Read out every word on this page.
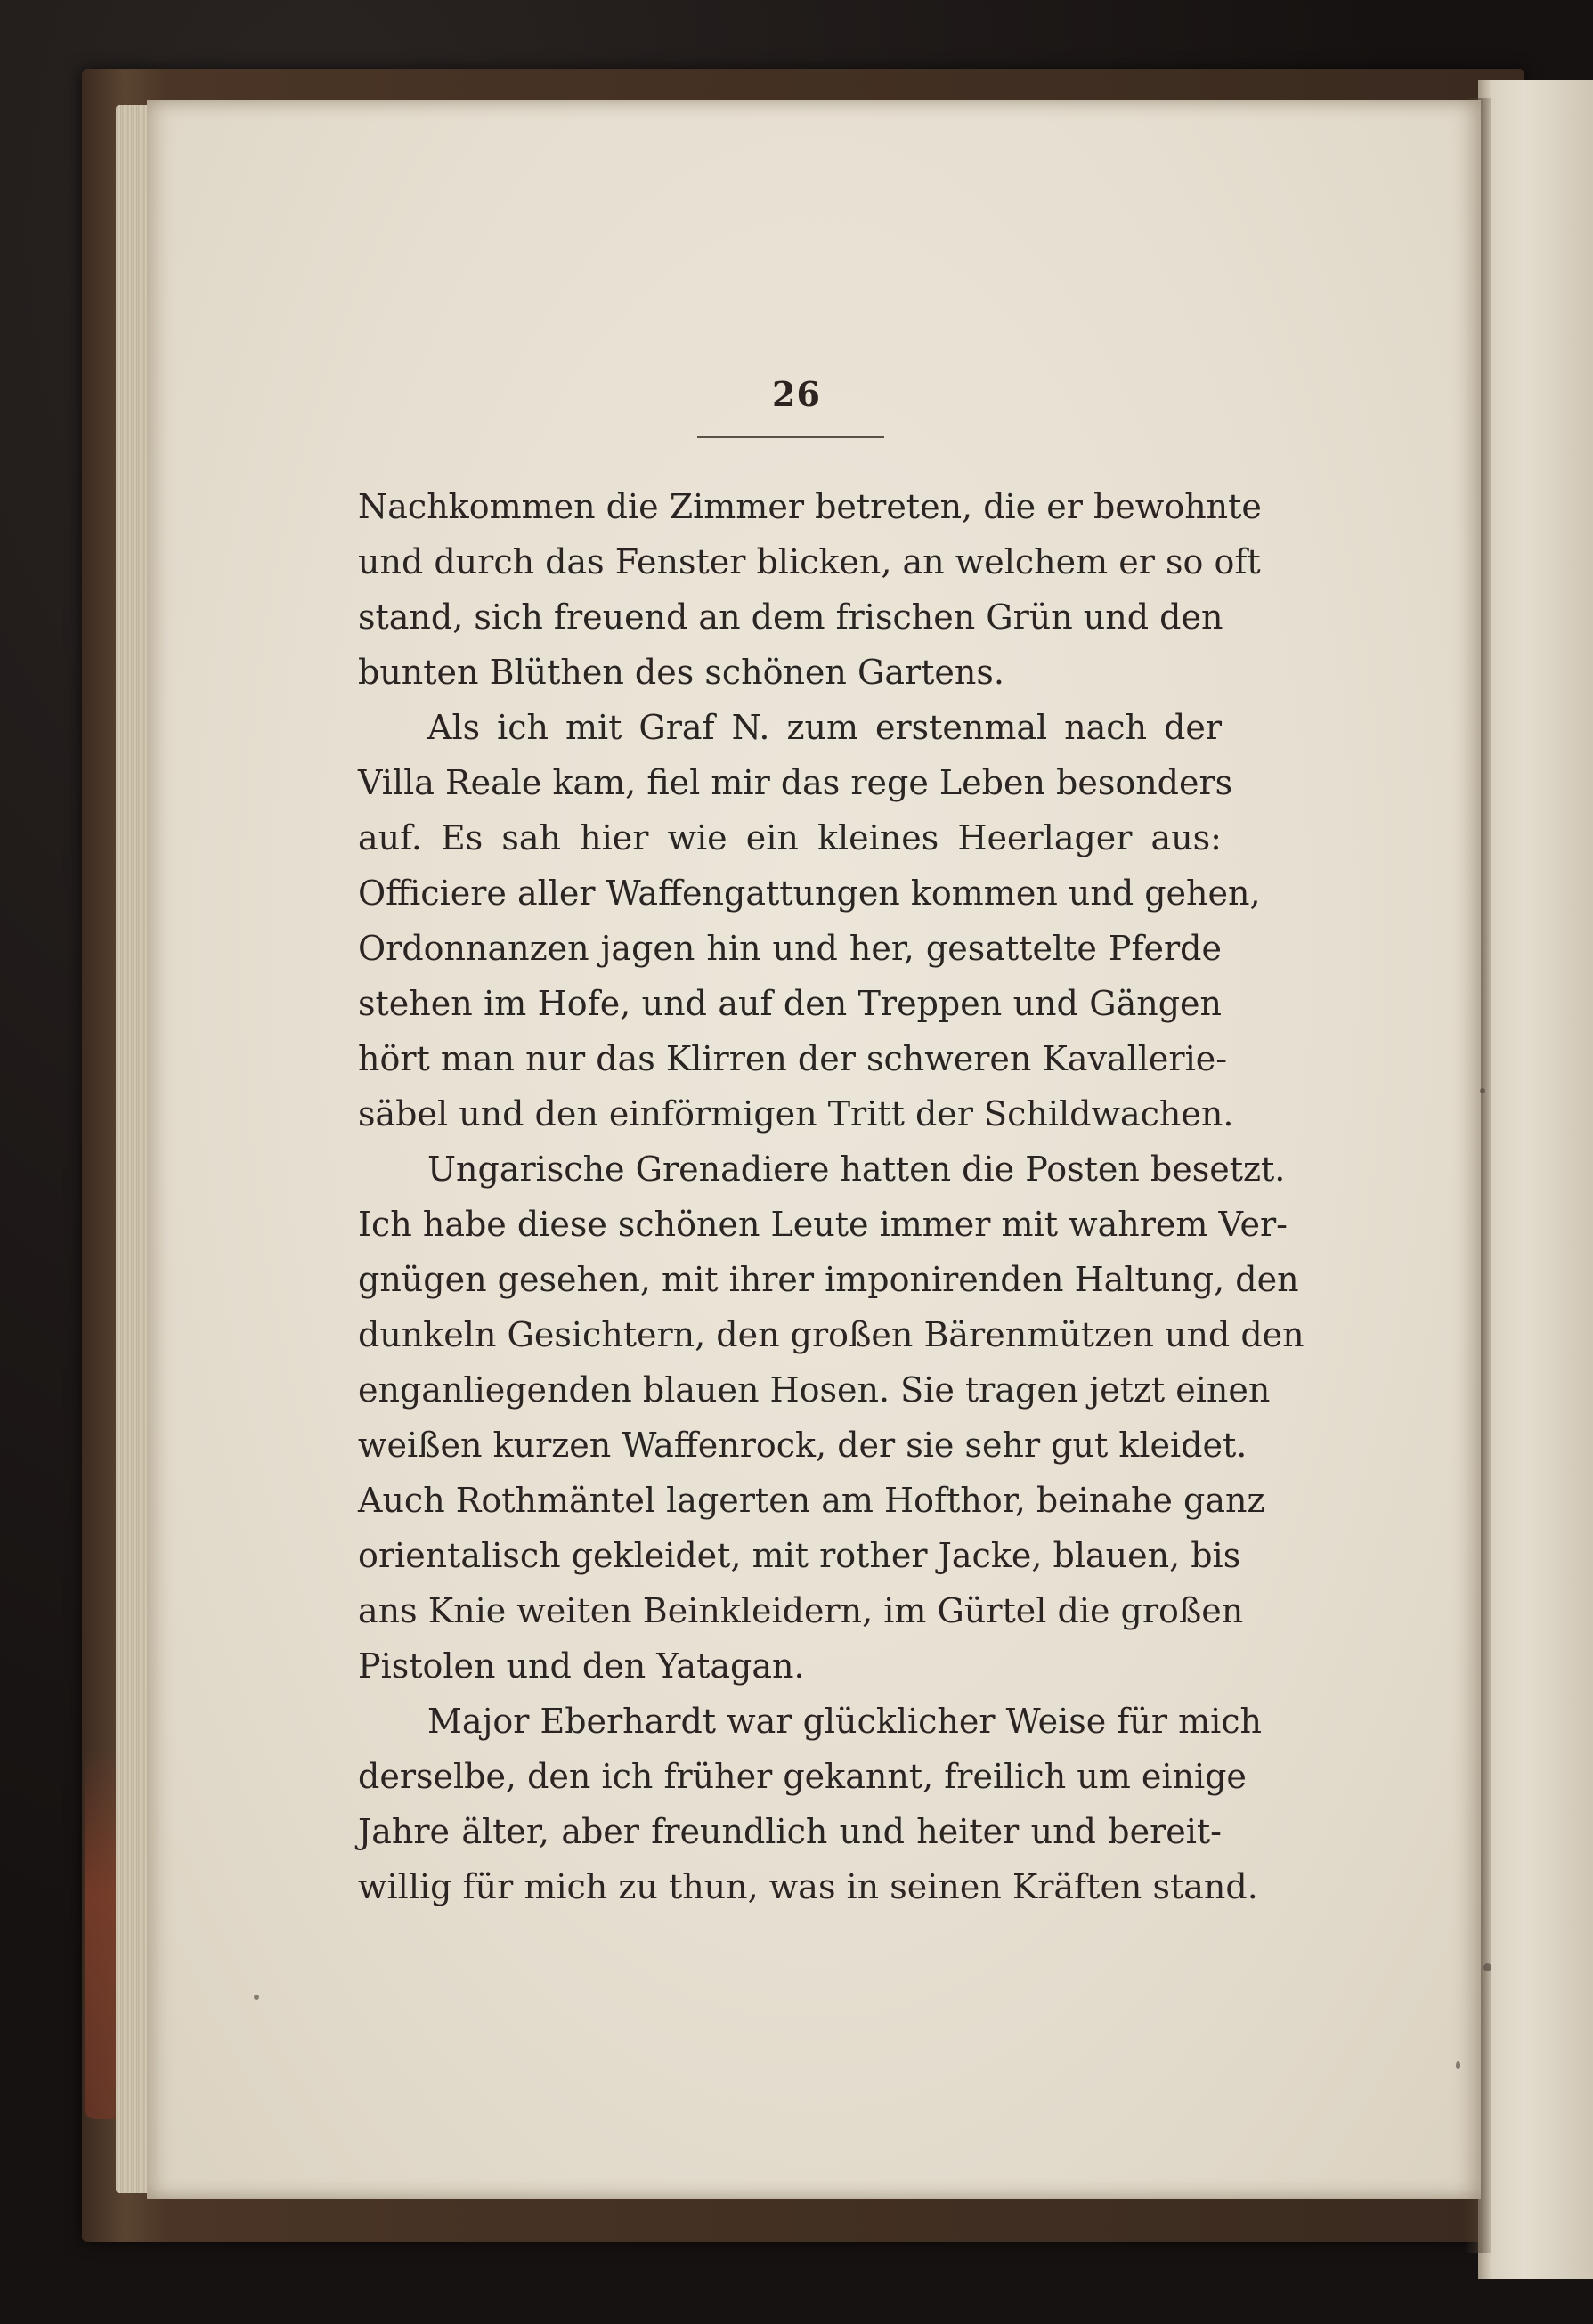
26
Nachkommen die Zimmer betreten, die er bewohnte
und durch das Fenster blicken, an welchem er so oft
stand, sich freuend an dem frischen Grün und den
bunten Blüthen des schönen Gartens.
Als ich mit Graf N. zum erstenmal nach der
Villa Reale kam, fiel mir das rege Leben besonders
auf. Es sah hier wie ein kleines Heerlager aus:
Officiere aller Waffengattungen kommen und gehen,
Ordonnanzen jagen hin und her, gesattelte Pferde
stehen im Hofe, und auf den Treppen und Gängen
hört man nur das Klirren der schweren Kavallerie-
säbel und den einförmigen Tritt der Schildwachen.
Ungarische Grenadiere hatten die Posten besetzt.
Ich habe diese schönen Leute immer mit wahrem Ver-
gnügen gesehen, mit ihrer imponirenden Haltung, den
dunkeln Gesichtern, den großen Bärenmützen und den
enganliegenden blauen Hosen. Sie tragen jetzt einen
weißen kurzen Waffenrock, der sie sehr gut kleidet.
Auch Rothmäntel lagerten am Hofthor, beinahe ganz
orientalisch gekleidet, mit rother Jacke, blauen, bis
ans Knie weiten Beinkleidern, im Gürtel die großen
Pistolen und den Yatagan.
Major Eberhardt war glücklicher Weise für mich
derselbe, den ich früher gekannt, freilich um einige
Jahre älter, aber freundlich und heiter und bereit-
willig für mich zu thun, was in seinen Kräften stand.
